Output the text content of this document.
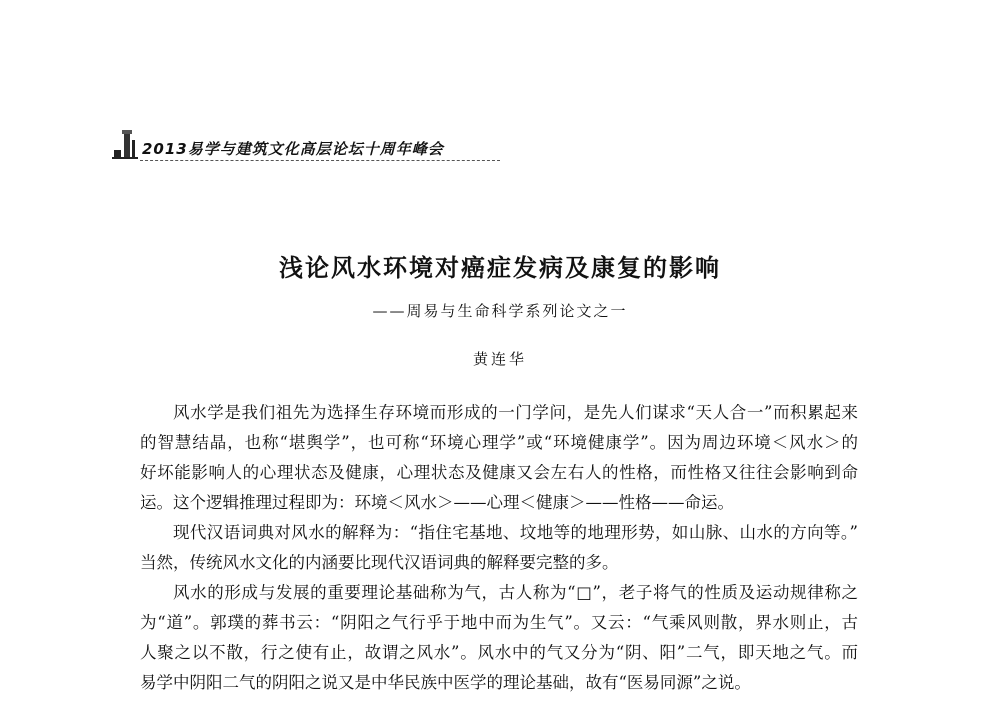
2013易学与建筑文化高层论坛十周年峰会
浅论风水环境对癌症发病及康复的影响
——周易与生命科学系列论文之一
黄连华
风水学是我们祖先为选择生存环境而形成的一门学问，是先人们谋求“天人合一”而积累起来
的智慧结晶，也称“堪舆学”，也可称“环境心理学”或“环境健康学”。因为周边环境＜风水＞的
好坏能影响人的心理状态及健康，心理状态及健康又会左右人的性格，而性格又往往会影响到命
运。这个逻辑推理过程即为：环境＜风水＞——心理＜健康＞——性格——命运。
现代汉语词典对风水的解释为：“指住宅基地、坟地等的地理形势，如山脉、山水的方向等。”
当然，传统风水文化的内涵要比现代汉语词典的解释要完整的多。
风水的形成与发展的重要理论基础称为气，古人称为“□”，老子将气的性质及运动规律称之
为“道”。郭璞的葬书云：“阴阳之气行乎于地中而为生气”。又云：“气乘风则散，界水则止，古
人聚之以不散，行之使有止，故谓之风水”。风水中的气又分为“阴、阳”二气，即天地之气。而
易学中阴阳二气的阴阳之说又是中华民族中医学的理论基础，故有“医易同源”之说。
